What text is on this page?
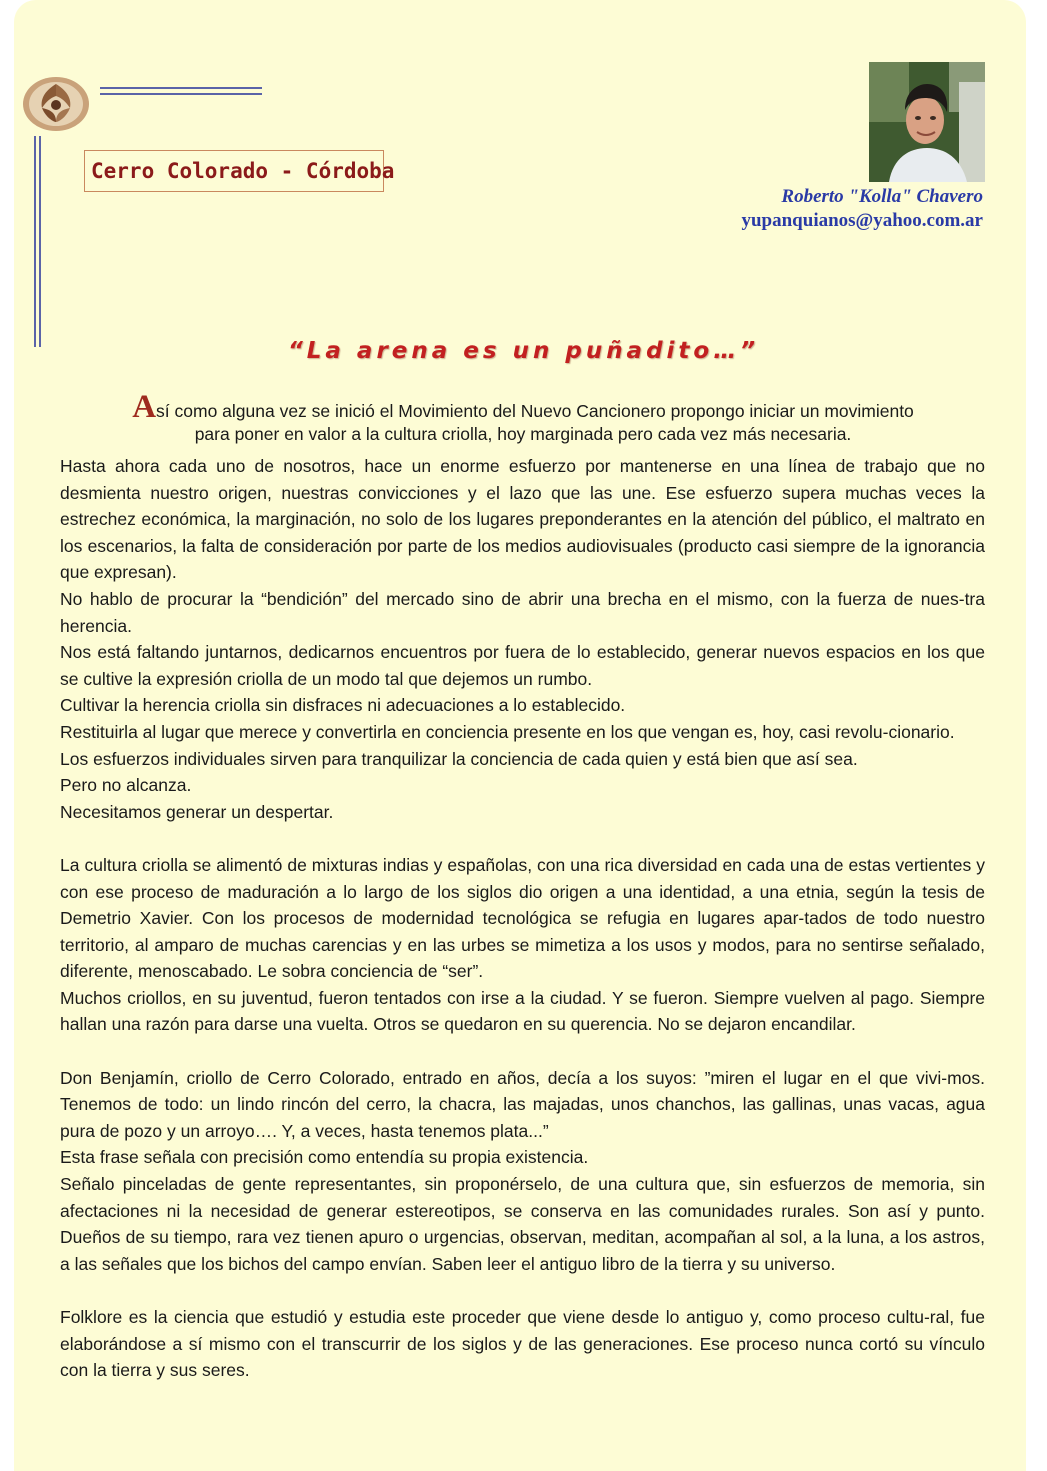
Cerro Colorado - Córdoba
Roberto "Kolla" Chavero
yupanquianos@yahoo.com.ar
“La arena es un puñadito…”
Así como alguna vez se inició el Movimiento del Nuevo Cancionero propongo iniciar un movimiento
para poner en valor a la cultura criolla, hoy marginada pero cada vez más necesaria.

Hasta ahora cada uno de nosotros, hace un enorme esfuerzo por mantenerse en una línea de trabajo que no desmienta nuestro origen, nuestras convicciones y el lazo que las une. Ese esfuerzo supera muchas veces la estrechez económica, la marginación, no solo de los lugares preponderantes en la atención del público, el maltrato en los escenarios, la falta de consideración por parte de los medios audiovisuales (producto casi siempre de la ignorancia que expresan).

No hablo de procurar la “bendición” del mercado sino de abrir una brecha en el mismo, con la fuerza de nues-tra herencia.

Nos está faltando juntarnos, dedicarnos encuentros por fuera de lo establecido, generar nuevos espacios en los que se cultive la expresión criolla de un modo tal que dejemos un rumbo.

Cultivar la herencia criolla sin disfraces ni adecuaciones a lo establecido.

Restituirla al lugar que merece y convertirla en conciencia presente en los que vengan es, hoy, casi revolu-cionario.

Los esfuerzos individuales sirven para tranquilizar la conciencia de cada quien y está bien que así sea.

Pero no alcanza.

Necesitamos generar un despertar.

La cultura criolla se alimentó de mixturas indias y españolas, con una rica diversidad en cada una de estas vertientes y con ese proceso de maduración a lo largo de los siglos dio origen a una identidad, a una etnia, según la tesis de Demetrio Xavier. Con los procesos de modernidad tecnológica se refugia en lugares apar-tados de todo nuestro territorio, al amparo de muchas carencias y en las urbes se mimetiza a los usos y modos, para no sentirse señalado, diferente, menoscabado. Le sobra conciencia de “ser”.

Muchos criollos, en su juventud, fueron tentados con irse a la ciudad. Y se fueron. Siempre vuelven al pago. Siempre hallan una razón para darse una vuelta. Otros se quedaron en su querencia. No se dejaron encandilar.

Don Benjamín, criollo de Cerro Colorado, entrado en años, decía a los suyos: ”miren el lugar en el que vivi-mos. Tenemos de todo: un lindo rincón del cerro, la chacra, las majadas, unos chanchos, las gallinas, unas vacas, agua pura de pozo y un arroyo…. Y, a veces, hasta tenemos plata...”

Esta frase señala con precisión como entendía su propia existencia.

Señalo pinceladas de gente representantes, sin proponérselo, de una cultura que, sin esfuerzos de memoria, sin afectaciones ni la necesidad de generar estereotipos, se conserva en las comunidades rurales. Son así y punto. Dueños de su tiempo, rara vez tienen apuro o urgencias, observan, meditan, acompañan al sol, a la luna, a los astros, a las señales que los bichos del campo envían. Saben leer el antiguo libro de la tierra y su universo.

Folklore es la ciencia que estudió y estudia este proceder que viene desde lo antiguo y, como proceso cultu-ral, fue elaborándose a sí mismo con el transcurrir de los siglos y de las generaciones. Ese proceso nunca cortó su vínculo con la tierra y sus seres.
